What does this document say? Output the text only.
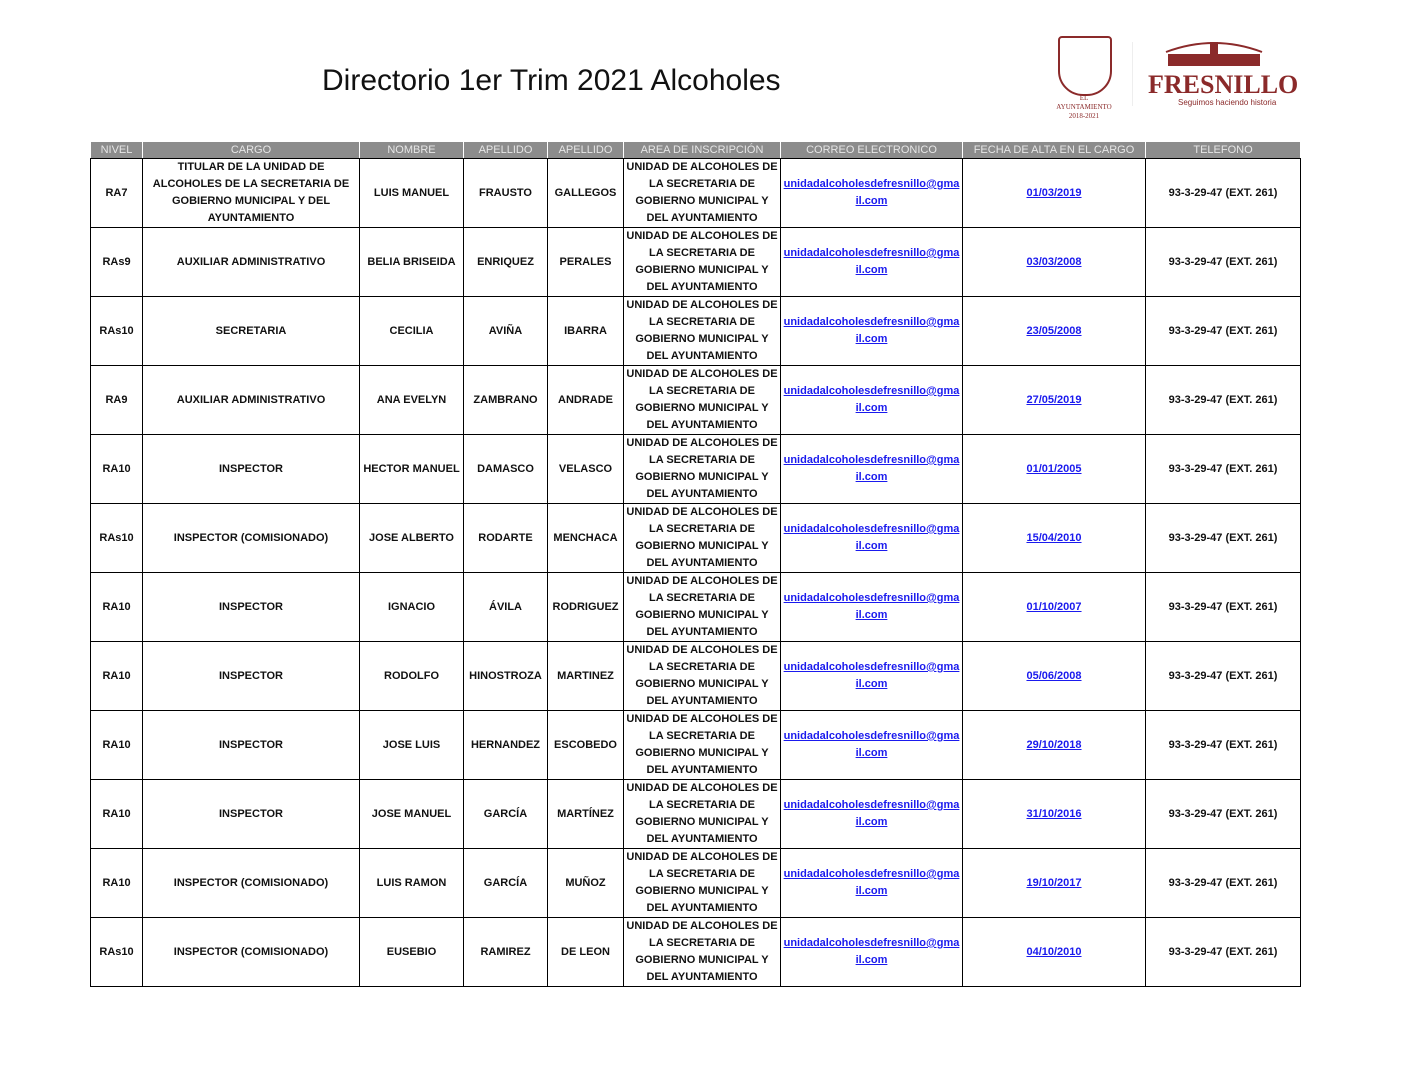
Directorio 1er Trim 2021 Alcoholes
EL AYUNTAMIENTO 2018-2021
FRESNILLO
Seguimos haciendo historia
NIVEL	CARGO	NOMBRE	APELLIDO	APELLIDO	AREA DE INSCRIPCIÓN	CORREO ELECTRONICO	FECHA DE ALTA EN EL CARGO	TELEFONO
RA7	TITULAR DE LA UNIDAD DE ALCOHOLES DE LA SECRETARIA DE GOBIERNO MUNICIPAL Y DEL AYUNTAMIENTO	LUIS MANUEL	FRAUSTO	GALLEGOS	UNIDAD DE ALCOHOLES DE LA SECRETARIA DE GOBIERNO MUNICIPAL Y DEL AYUNTAMIENTO	unidadalcoholesdefresnillo@gmail.com	01/03/2019	93-3-29-47 (EXT. 261)
RAs9	AUXILIAR ADMINISTRATIVO	BELIA BRISEIDA	ENRIQUEZ	PERALES	UNIDAD DE ALCOHOLES DE LA SECRETARIA DE GOBIERNO MUNICIPAL Y DEL AYUNTAMIENTO	unidadalcoholesdefresnillo@gmail.com	03/03/2008	93-3-29-47 (EXT. 261)
RAs10	SECRETARIA	CECILIA	AVIÑA	IBARRA	UNIDAD DE ALCOHOLES DE LA SECRETARIA DE GOBIERNO MUNICIPAL Y DEL AYUNTAMIENTO	unidadalcoholesdefresnillo@gmail.com	23/05/2008	93-3-29-47 (EXT. 261)
RA9	AUXILIAR ADMINISTRATIVO	ANA EVELYN	ZAMBRANO	ANDRADE	UNIDAD DE ALCOHOLES DE LA SECRETARIA DE GOBIERNO MUNICIPAL Y DEL AYUNTAMIENTO	unidadalcoholesdefresnillo@gmail.com	27/05/2019	93-3-29-47 (EXT. 261)
RA10	INSPECTOR	HECTOR MANUEL	DAMASCO	VELASCO	UNIDAD DE ALCOHOLES DE LA SECRETARIA DE GOBIERNO MUNICIPAL Y DEL AYUNTAMIENTO	unidadalcoholesdefresnillo@gmail.com	01/01/2005	93-3-29-47 (EXT. 261)
RAs10	INSPECTOR (COMISIONADO)	JOSE ALBERTO	RODARTE	MENCHACA	UNIDAD DE ALCOHOLES DE LA SECRETARIA DE GOBIERNO MUNICIPAL Y DEL AYUNTAMIENTO	unidadalcoholesdefresnillo@gmail.com	15/04/2010	93-3-29-47 (EXT. 261)
RA10	INSPECTOR	IGNACIO	ÁVILA	RODRIGUEZ	UNIDAD DE ALCOHOLES DE LA SECRETARIA DE GOBIERNO MUNICIPAL Y DEL AYUNTAMIENTO	unidadalcoholesdefresnillo@gmail.com	01/10/2007	93-3-29-47 (EXT. 261)
RA10	INSPECTOR	RODOLFO	HINOSTROZA	MARTINEZ	UNIDAD DE ALCOHOLES DE LA SECRETARIA DE GOBIERNO MUNICIPAL Y DEL AYUNTAMIENTO	unidadalcoholesdefresnillo@gmail.com	05/06/2008	93-3-29-47 (EXT. 261)
RA10	INSPECTOR	JOSE LUIS	HERNANDEZ	ESCOBEDO	UNIDAD DE ALCOHOLES DE LA SECRETARIA DE GOBIERNO MUNICIPAL Y DEL AYUNTAMIENTO	unidadalcoholesdefresnillo@gmail.com	29/10/2018	93-3-29-47 (EXT. 261)
RA10	INSPECTOR	JOSE MANUEL	GARCÍA	MARTÍNEZ	UNIDAD DE ALCOHOLES DE LA SECRETARIA DE GOBIERNO MUNICIPAL Y DEL AYUNTAMIENTO	unidadalcoholesdefresnillo@gmail.com	31/10/2016	93-3-29-47 (EXT. 261)
RA10	INSPECTOR (COMISIONADO)	LUIS RAMON	GARCÍA	MUÑOZ	UNIDAD DE ALCOHOLES DE LA SECRETARIA DE GOBIERNO MUNICIPAL Y DEL AYUNTAMIENTO	unidadalcoholesdefresnillo@gmail.com	19/10/2017	93-3-29-47 (EXT. 261)
RAs10	INSPECTOR (COMISIONADO)	EUSEBIO	RAMIREZ	DE LEON	UNIDAD DE ALCOHOLES DE LA SECRETARIA DE GOBIERNO MUNICIPAL Y DEL AYUNTAMIENTO	unidadalcoholesdefresnillo@gmail.com	04/10/2010	93-3-29-47 (EXT. 261)
